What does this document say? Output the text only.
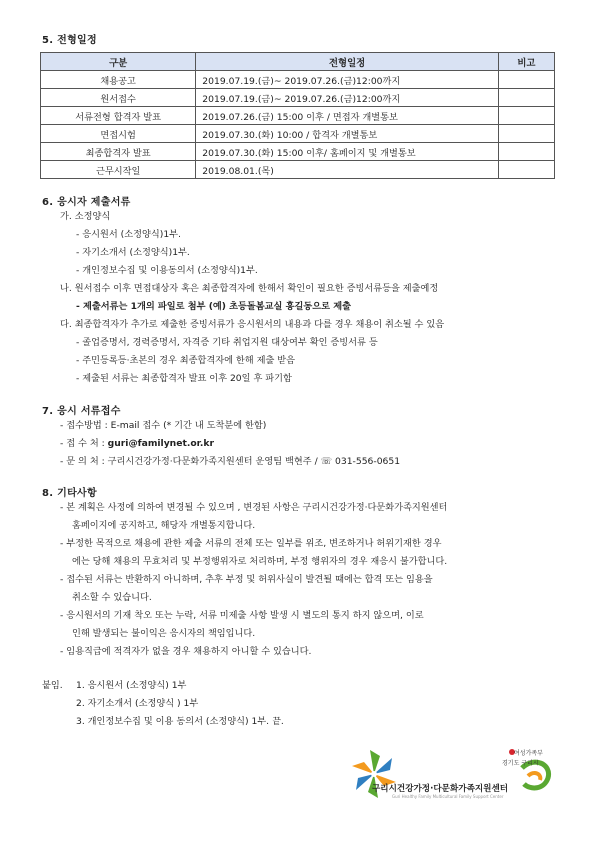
5. 전형일정
구분	전형일정	비고
채용공고	2019.07.19.(금)~ 2019.07.26.(금)12:00까지	
원서접수	2019.07.19.(금)~ 2019.07.26.(금)12:00까지	
서류전형 합격자 발표	2019.07.26.(금) 15:00 이후 / 면접자 개별통보	
면접시험	2019.07.30.(화) 10:00 / 합격자 개별통보	
최종합격자 발표	2019.07.30.(화) 15:00 이후/ 홈페이지 및 개별통보	
근무시작일	2019.08.01.(목)	
6. 응시자 제출서류
가. 소정양식
- 응시원서 (소정양식)1부.
- 자기소개서 (소정양식)1부.
- 개인정보수집 및 이용동의서 (소정양식)1부.
나. 원서접수 이후 면접대상자 혹은 최종합격자에 한해서 확인이 필요한 증빙서류등을 제출예정
- 제출서류는 1개의 파일로 첨부 (예) 초등돌봄교실 홍길동으로 제출
다. 최종합격자가 추가로 제출한 증빙서류가 응시원서의 내용과 다를 경우 채용이 취소될 수 있음
- 졸업증명서, 경력증명서, 자격증 기타 취업지원 대상여부 확인 증빙서류 등
- 주민등록등·초본의 경우 최종합격자에 한해 제출 받음
- 제출된 서류는 최종합격자 발표 이후 20일 후 파기함
7. 응시 서류접수
- 접수방법 : E-mail 접수 (* 기간 내 도착분에 한함)
- 접 수 처 : guri@familynet.or.kr
- 문 의 처 : 구리시건강가정·다문화가족지원센터 운영팀 백현주 / ☏ 031-556-0651
8. 기타사항
- 본 계획은 사정에 의하여 변경될 수 있으며 , 변경된 사항은 구리시건강가정·다문화가족지원센터
홈페이지에 공지하고, 해당자 개별통지합니다.
- 부정한 목적으로 채용에 관한 제출 서류의 전체 또는 일부를 위조, 변조하거나 허위기재한 경우
에는 당해 채용의 무효처리 및 부정행위자로 처리하며, 부정 행위자의 경우 재응시 불가합니다.
- 접수된 서류는 반환하지 아니하며, 추후 부정 및 허위사실이 발견될 때에는 합격 또는 임용을
취소할 수 있습니다.
- 응시원서의 기재 착오 또는 누락, 서류 미제출 사항 발생 시 별도의 통지 하지 않으며, 이로
인해 발생되는 불이익은 응시자의 책임입니다.
- 임용직급에 적격자가 없을 경우 채용하지 아니할 수 있습니다.
붙임. 1. 응시원서 (소정양식) 1부
2. 자기소개서 (소정양식 ) 1부
3. 개인정보수집 및 이용 동의서 (소정양식) 1부. 끝.
여성가족부
경기도 구리시
구리시건강가정·다문화가족지원센터
Guri Healthy Family Multicultural Family Support Center
